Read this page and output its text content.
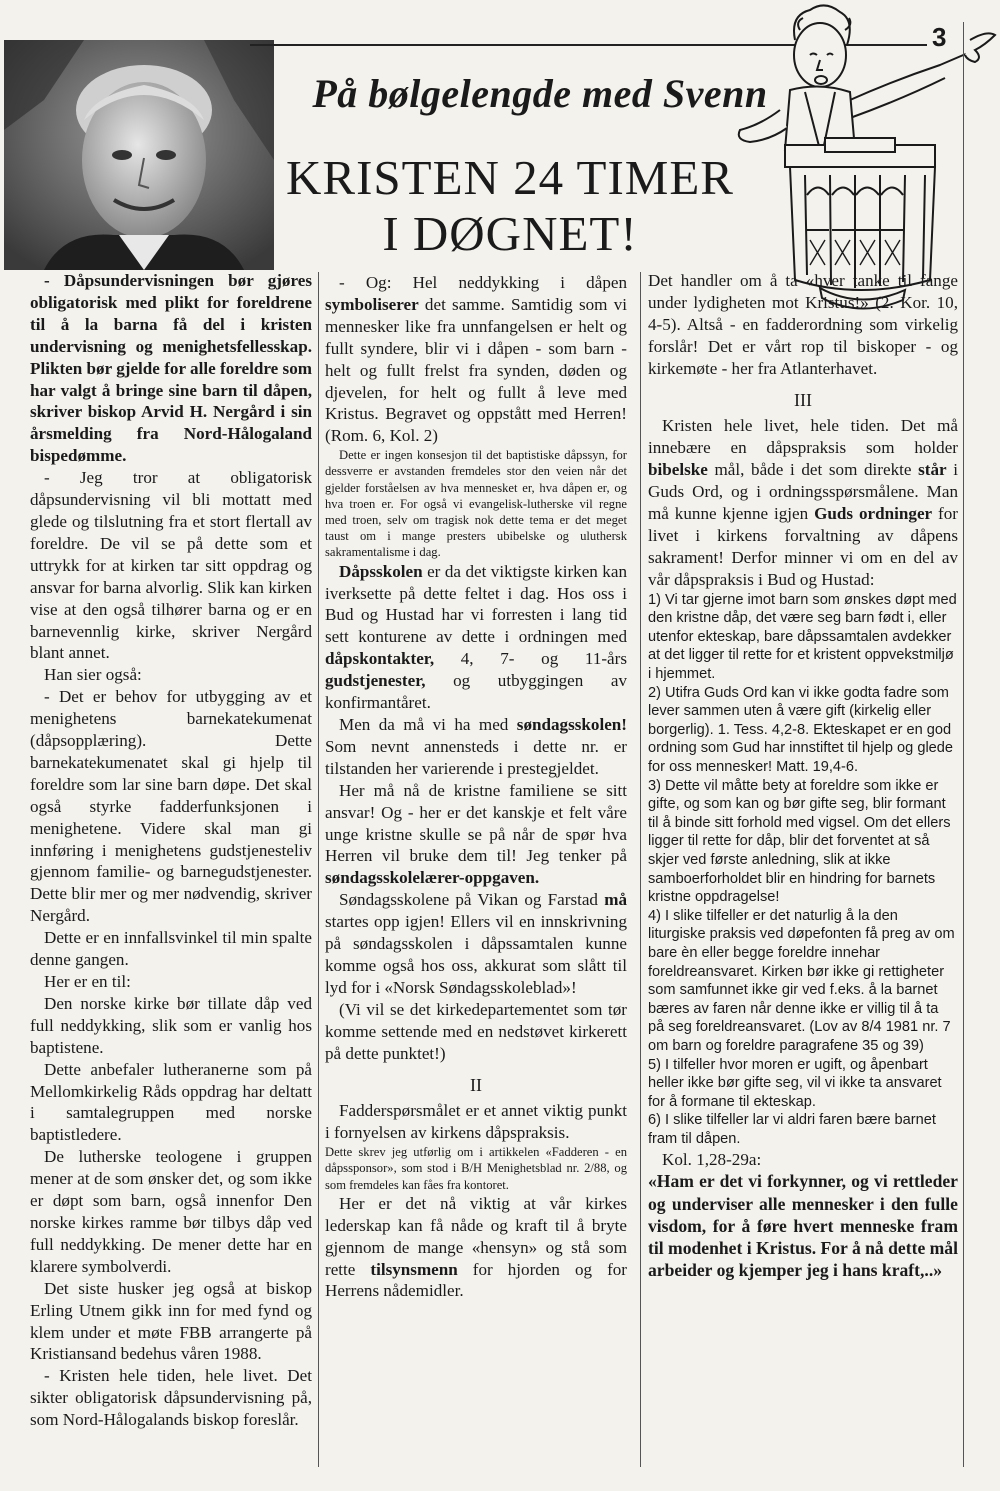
3
På bølgelengde med Svenn
KRISTEN 24 TIMER
I DØGNET!

- Dåpsundervisningen bør gjøres obligatorisk med plikt for foreldrene til å la barna få del i kristen undervisning og menighetsfellesskap. Plikten bør gjelde for alle foreldre som har valgt å bringe sine barn til dåpen, skriver biskop Arvid H. Nergård i sin årsmelding fra Nord-Hålogaland bispedømme.

- Jeg tror at obligatorisk dåpsundervisning vil bli mottatt med glede og tilslutning fra et stort flertall av foreldre. De vil se på dette som et uttrykk for at kirken tar sitt oppdrag og ansvar for barna alvorlig. Slik kan kirken vise at den også tilhører barna og er en barnevennlig kirke, skriver Nergård blant annet.

Han sier også:

- Det er behov for utbygging av et menighetens barnekatekumenat (dåpsopplæring). Dette barnekatekumenatet skal gi hjelp til foreldre som lar sine barn døpe. Det skal også styrke fadderfunksjonen i menighetene. Videre skal man gi innføring i menighetens gudstjenesteliv gjennom familie- og barnegudstjenester. Dette blir mer og mer nødvendig, skriver Nergård.

Dette er en innfallsvinkel til min spalte denne gangen.

Her er en til:

Den norske kirke bør tillate dåp ved full neddykking, slik som er vanlig hos baptistene.

Dette anbefaler lutheranerne som på Mellomkirkelig Råds oppdrag har deltatt i samtalegruppen med norske baptistledere.

De lutherske teologene i gruppen mener at de som ønsker det, og som ikke er døpt som barn, også innenfor Den norske kirkes ramme bør tilbys dåp ved full neddykking. De mener dette har en klarere symbolverdi.

Det siste husker jeg også at biskop Erling Utnem gikk inn for med fynd og klem under et møte FBB arrangerte på Kristiansand bedehus våren 1988.

- Kristen hele tiden, hele livet. Det sikter obligatorisk dåpsundervisning på, som Nord-Hålogalands biskop foreslår.

- Og: Hel neddykking i dåpen symboliserer det samme. Samtidig som vi mennesker like fra unnfangelsen er helt og fullt syndere, blir vi i dåpen - som barn - helt og fullt frelst fra synden, døden og djevelen, for helt og fullt å leve med Kristus. Begravet og oppstått med Herren! (Rom. 6, Kol. 2)

Dette er ingen konsesjon til det baptistiske dåpssyn, for dessverre er avstanden fremdeles stor den veien når det gjelder forståelsen av hva mennesket er, hva dåpen er, og hva troen er. For også vi evangelisk-lutherske vil regne med troen, selv om tragisk nok dette tema er det meget taust om i mange presters ubibelske og uluthersk sakramentalisme i dag.

Dåpsskolen er da det viktigste kirken kan iverksette på dette feltet i dag. Hos oss i Bud og Hustad har vi forresten i lang tid sett konturene av dette i ordningen med dåpskontakter, 4, 7- og 11-års gudstjenester, og utbyggingen av konfirmantåret.

Men da må vi ha med søndagsskolen! Som nevnt annensteds i dette nr. er tilstanden her varierende i prestegjeldet.

Her må nå de kristne familiene se sitt ansvar! Og - her er det kanskje et felt våre unge kristne skulle se på når de spør hva Herren vil bruke dem til! Jeg tenker på søndagsskolelærer-oppgaven.

Søndagsskolene på Vikan og Farstad må startes opp igjen! Ellers vil en innskrivning på søndagsskolen i dåpssamtalen kunne komme også hos oss, akkurat som slått til lyd for i «Norsk Søndagsskoleblad»!

(Vi vil se det kirkedepartementet som tør komme settende med en nedstøvet kirkerett på dette punktet!)

II

Fadderspørsmålet er et annet viktig punkt i fornyelsen av kirkens dåpspraksis.

Dette skrev jeg utførlig om i artikkelen «Fadderen - en dåpssponsor», som stod i B/H Menighetsblad nr. 2/88, og som fremdeles kan fåes fra kontoret.

Her er det nå viktig at vår kirkes lederskap kan få nåde og kraft til å bryte gjennom de mange «hensyn» og stå som rette tilsynsmenn for hjorden og for Herrens nådemidler.

Det handler om å ta «hver tanke til fange under lydigheten mot Kristus!» (2. Kor. 10, 4-5). Altså - en fadderordning som virkelig forslår! Det er vårt rop til biskoper - og kirkemøte - her fra Atlanterhavet.

III

Kristen hele livet, hele tiden. Det må innebære en dåpspraksis som holder bibelske mål, både i det som direkte står i Guds Ord, og i ordningsspørsmålene. Man må kunne kjenne igjen Guds ordninger for livet i kirkens forvaltning av dåpens sakrament! Derfor minner vi om en del av vår dåpspraksis i Bud og Hustad:

1) Vi tar gjerne imot barn som ønskes døpt med den kristne dåp, det være seg barn født i, eller utenfor ekteskap, bare dåpssamtalen avdekker at det ligger til rette for et kristent oppvekstmiljø i hjemmet.

2) Utifra Guds Ord kan vi ikke godta fadre som lever sammen uten å være gift (kirkelig eller borgerlig). 1. Tess. 4,2-8. Ekteskapet er en god ordning som Gud har innstiftet til hjelp og glede for oss mennesker! Matt. 19,4-6.

3) Dette vil måtte bety at foreldre som ikke er gifte, og som kan og bør gifte seg, blir formant til å binde sitt forhold med vigsel. Om det ellers ligger til rette for dåp, blir det forventet at så skjer ved første anledning, slik at ikke samboerforholdet blir en hindring for barnets kristne oppdragelse!

4) I slike tilfeller er det naturlig å la den liturgiske praksis ved døpefonten få preg av om bare èn eller begge foreldre innehar foreldreansvaret. Kirken bør ikke gi rettigheter som samfunnet ikke gir ved f.eks. å la barnet bæres av faren når denne ikke er villig til å ta på seg foreldreansvaret. (Lov av 8/4 1981 nr. 7 om barn og foreldre paragrafene 35 og 39)

5) I tilfeller hvor moren er ugift, og åpenbart heller ikke bør gifte seg, vil vi ikke ta ansvaret for å formane til ekteskap.

6) I slike tilfeller lar vi aldri faren bære barnet fram til dåpen.

Kol. 1,28-29a:

«Ham er det vi forkynner, og vi rettleder og underviser alle mennesker i den fulle visdom, for å føre hvert menneske fram til modenhet i Kristus. For å nå dette mål arbeider og kjemper jeg i hans kraft,..»
